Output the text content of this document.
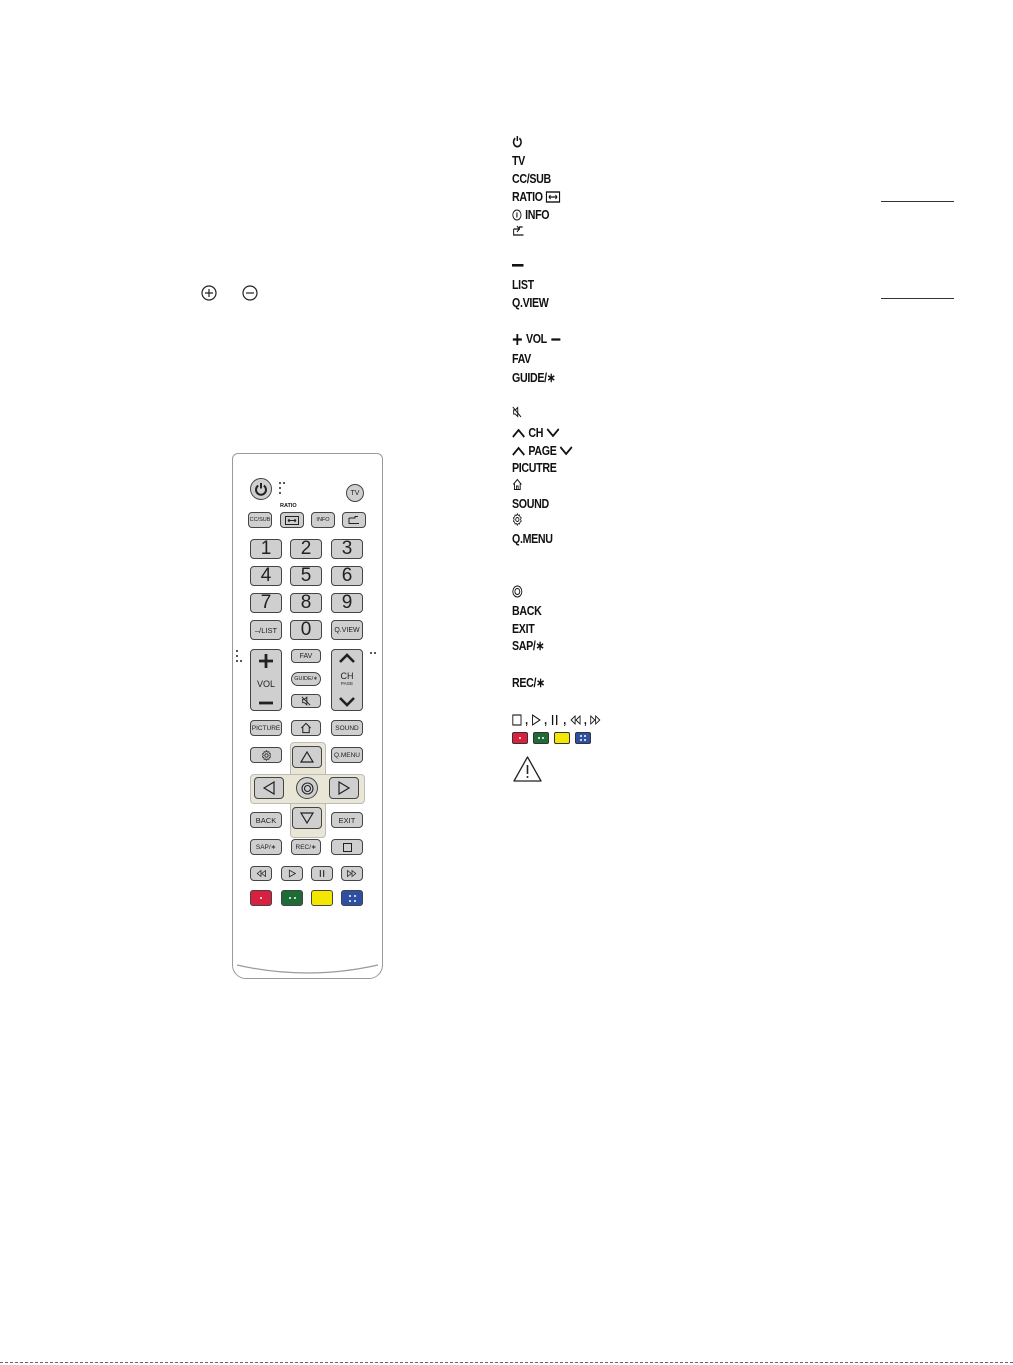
TV
CC/SUB
RATIO
INFO
LIST
Q.VIEW
VOL
FAV
GUIDE/∗
CH
PAGE
PICUTRE
SOUND
Q.MENU
BACK
EXIT
SAP/∗
REC/∗
, , , ,
TV
RATIO
CC/SUB	INFO
1	2	3
4	5	6
7	8	9
–/LIST	0	Q.VIEW
VOL
FAV
GUIDE/∗	CH
PAGE
PICTURE	SOUND
Q.MENU
BACK	EXIT
SAP/∗	REC/∗
